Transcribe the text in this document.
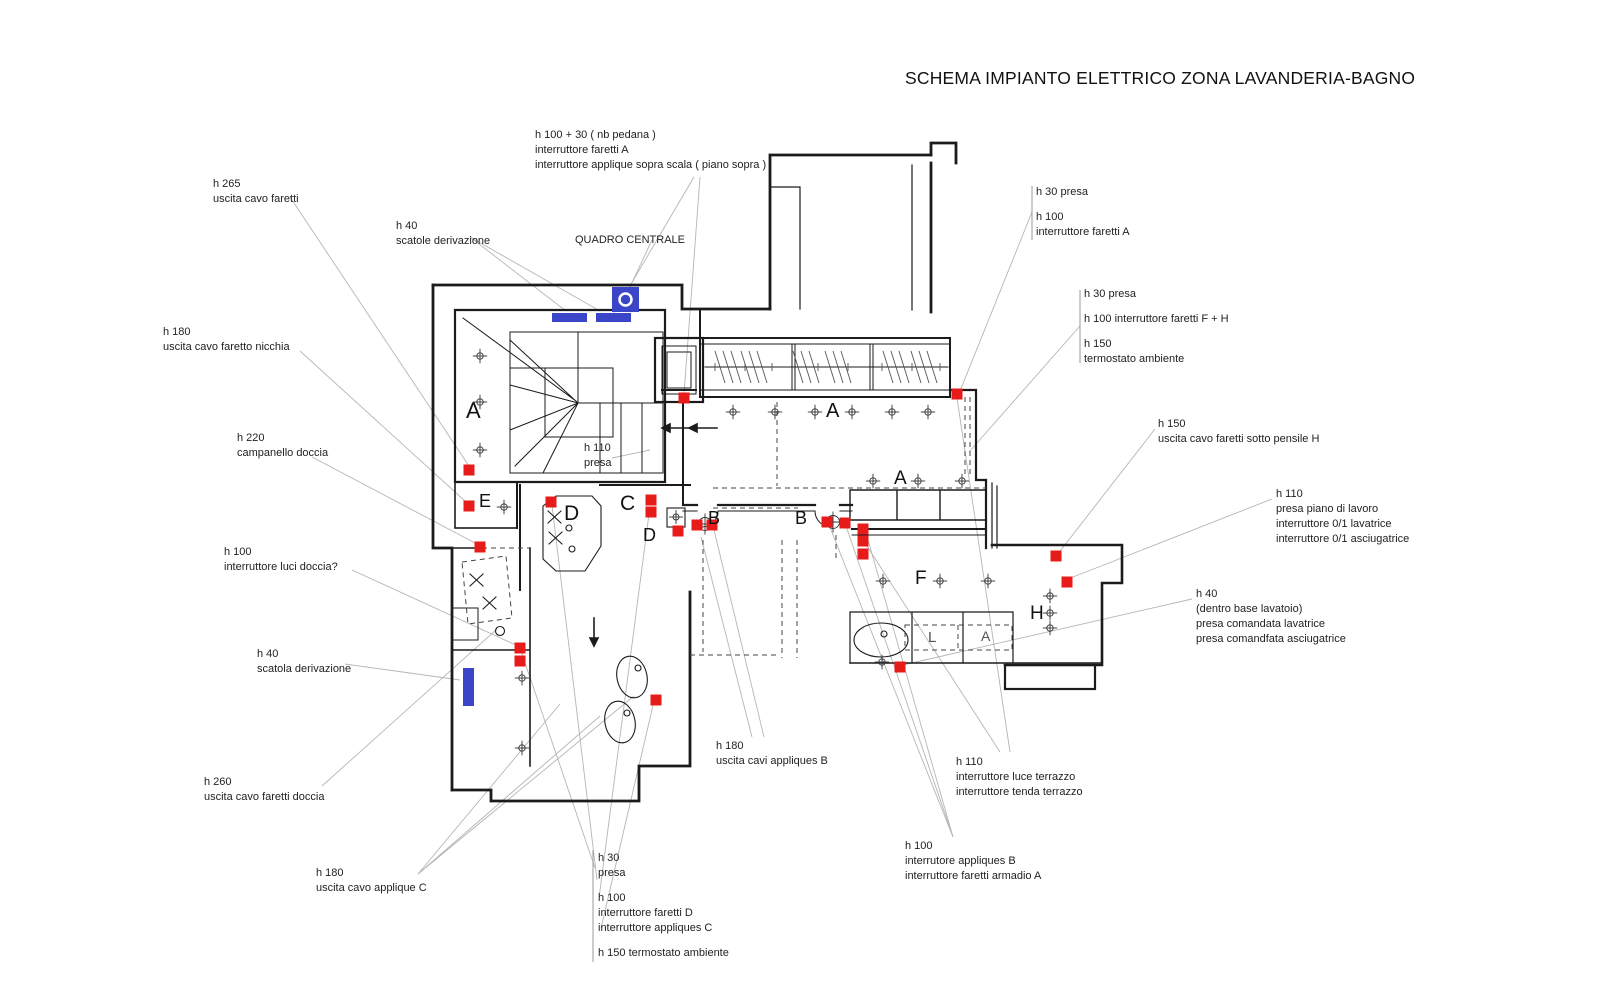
SCHEMA IMPIANTO ELETTRICO ZONA LAVANDERIA-BAGNO
h 100 + 30 ( nb pedana )
interruttore faretti A
interruttore applique sopra scala ( piano sopra )
h 265
uscita cavo faretti
h 40
scatole derivazione	QUADRO CENTRALE
h 180
uscita cavo faretto nicchia
h 220
campanello doccia
h 100
interruttore luci doccia?
h 40
scatola derivazione
h 260
uscita cavo faretti doccia
h 180
uscita cavo applique C
h 30 presa
h 100
interruttore faretti A
h 30 presa
h 100 interruttore faretti F + H
h 150
termostato ambiente
h 150
uscita cavo faretti sotto pensile H
h 110
presa piano di lavoro
interruttore 0/1 lavatrice
interruttore 0/1 asciugatrice
h 40
(dentro base lavatoio)
presa comandata lavatrice
presa comandfata asciugatrice
h 180
uscita cavi appliques B	h 110
interruttore luce terrazzo
interruttore tenda terrazzo
h 100
interrutore appliques B
interruttore faretti armadio A
h 30
presa
h 100
interruttore faretti D
interruttore appliques C
h 150 termostato ambiente
h 110
presa
A
E
D C
D
B	B
A
A
F
H
L	A
